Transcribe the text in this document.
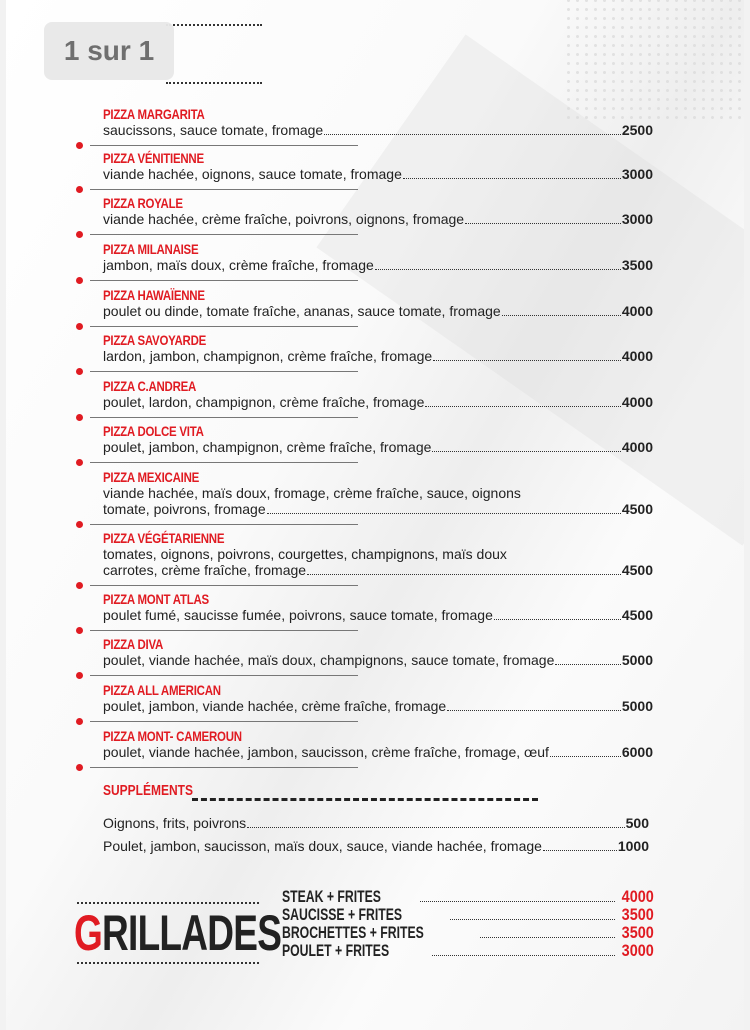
1 sur 1
PIZZA MARGARITA
saucissons, sauce tomate, fromage	2500
PIZZA VÉNITIENNE
viande hachée, oignons, sauce tomate, fromage	3000
PIZZA ROYALE
viande hachée, crème fraîche, poivrons, oignons, fromage	3000
PIZZA MILANAISE
jambon, maïs doux, crème fraîche, fromage	3500
PIZZA HAWAÏENNE
poulet ou dinde, tomate fraîche, ananas, sauce tomate, fromage	4000
PIZZA SAVOYARDE
lardon, jambon, champignon, crème fraîche, fromage	4000
PIZZA C.ANDREA
poulet, lardon, champignon, crème fraîche, fromage	4000
PIZZA DOLCE VITA
poulet, jambon, champignon, crème fraîche, fromage	4000
PIZZA MEXICAINE
viande hachée, maïs doux, fromage, crème fraîche, sauce, oignons
tomate, poivrons, fromage	4500
PIZZA VÉGÉTARIENNE
tomates, oignons, poivrons, courgettes, champignons, maïs doux
carrotes, crème fraîche, fromage	4500
PIZZA MONT ATLAS
poulet fumé, saucisse fumée, poivrons, sauce tomate, fromage	4500
PIZZA DIVA
poulet, viande hachée, maïs doux, champignons, sauce tomate, fromage	5000
PIZZA ALL AMERICAN
poulet, jambon, viande hachée, crème fraîche, fromage	5000
PIZZA MONT- CAMEROUN
poulet, viande hachée, jambon, saucisson, crème fraîche, fromage, œuf	6000
SUPPLÉMENTS
Oignons, frits, poivrons	500
Poulet, jambon, saucisson, maïs doux, sauce, viande hachée, fromage	1000
GRILLADES
STEAK + FRITES	4000
SAUCISSE + FRITES	3500
BROCHETTES + FRITES	3500
POULET + FRITES	3000
